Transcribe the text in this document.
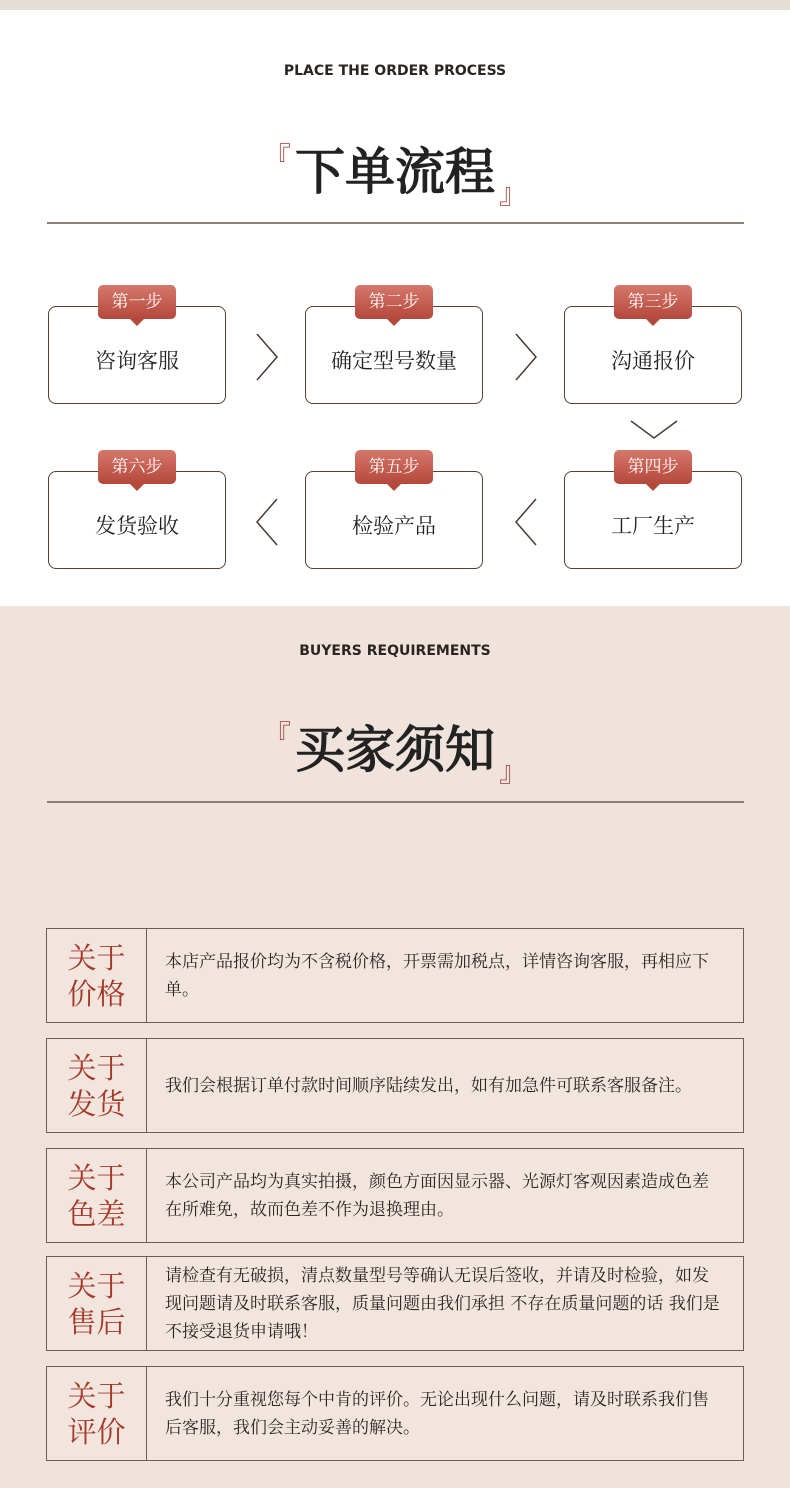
PLACE THE ORDER PROCESS
『下单流程 』
第一步
咨询客服
第二步
确定型号数量
第三步
沟通报价
第六步
发货验收
第五步
检验产品
第四步
工厂生产
BUYERS REQUIREMENTS
『买家须知 』
关于
价格
本店产品报价均为不含税价格，开票需加税点，详情咨询客服，再相应下单。
关于
发货
我们会根据订单付款时间顺序陆续发出，如有加急件可联系客服备注。
关于
色差
本公司产品均为真实拍摄，颜色方面因显示器、光源灯客观因素造成色差在所难免，故而色差不作为退换理由。
关于
售后
请检查有无破损，清点数量型号等确认无误后签收，并请及时检验，如发现问题请及时联系客服，质量问题由我们承担 不存在质量问题的话 我们是不接受退货申请哦！
关于
评价
我们十分重视您每个中肯的评价。无论出现什么问题，请及时联系我们售后客服，我们会主动妥善的解决。
